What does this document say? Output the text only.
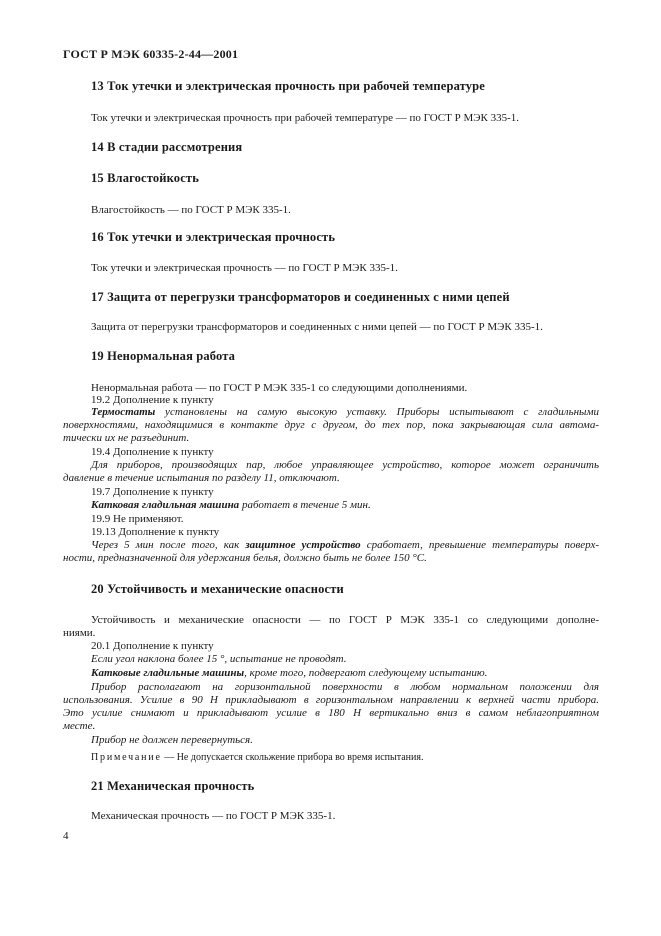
ГОСТ Р МЭК 60335-2-44—2001
13 Ток утечки и электрическая прочность при рабочей температуре
Ток утечки и электрическая прочность при рабочей температуре — по ГОСТ Р МЭК 335-1.
14 В стадии рассмотрения
15 Влагостойкость
Влагостойкость — по ГОСТ Р МЭК 335-1.
16 Ток утечки и электрическая прочность
Ток утечки и электрическая прочность — по ГОСТ Р МЭК 335-1.
17 Защита от перегрузки трансформаторов и соединенных с ними цепей
Защита от перегрузки трансформаторов и соединенных с ними цепей — по ГОСТ Р МЭК 335-1.
19 Ненормальная работа
Ненормальная работа — по ГОСТ Р МЭК 335-1 со следующими дополнениями.
19.2 Дополнение к пункту
Термостаты установлены на самую высокую уставку. Приборы испытывают с гладильными
поверхностями, находящимися в контакте друг с другом, до тех пор, пока закрывающая сила автома-
тически их не разъединит.
19.4 Дополнение к пункту
Для приборов, производящих пар, любое управляющее устройство, которое может ограничить
давление в течение испытания по разделу 11, отключают.
19.7 Дополнение к пункту
Катковая гладильная машина работает в течение 5 мин.
19.9 Не применяют.
19.13 Дополнение к пункту
Через 5 мин после того, как защитное устройство сработает, превышение температуры поверх-
ности, предназначенной для удержания белья, должно быть не более 150 °С.
20 Устойчивость и механические опасности
Устойчивость и механические опасности — по ГОСТ Р МЭК 335-1 со следующими дополне-
ниями.
20.1 Дополнение к пункту
Если угол наклона более 15 °, испытание не проводят.
Катковые гладильные машины, кроме того, подвергают следующему испытанию.
Прибор располагают на горизонтальной поверхности в любом нормальном положении для
использования. Усилие в 90 Н прикладывают в горизонтальном направлении к верхней части прибора.
Это усилие снимают и прикладывают усилие в 180 Н вертикально вниз в самом неблагоприятном
месте.
Прибор не должен перевернуться.
Примечание — Не допускается скольжение прибора во время испытания.
21 Механическая прочность
Механическая прочность — по ГОСТ Р МЭК 335-1.
4
